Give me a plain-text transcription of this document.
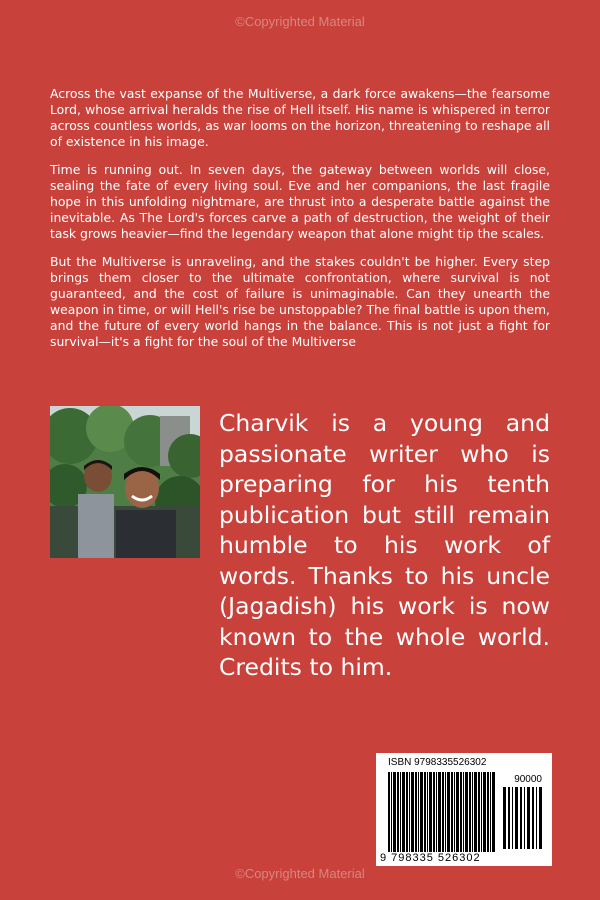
©Copyrighted Material

Across the vast expanse of the Multiverse, a dark force awakens—the fearsome Lord, whose arrival heralds the rise of Hell itself. His name is whispered in terror across countless worlds, as war looms on the horizon, threatening to reshape all of existence in his image.

Time is running out. In seven days, the gateway between worlds will close, sealing the fate of every living soul. Eve and her companions, the last fragile hope in this unfolding nightmare, are thrust into a desperate battle against the inevitable. As The Lord's forces carve a path of destruction, the weight of their task grows heavier—find the legendary weapon that alone might tip the scales.

But the Multiverse is unraveling, and the stakes couldn't be higher. Every step brings them closer to the ultimate confrontation, where survival is not guaranteed, and the cost of failure is unimaginable. Can they unearth the weapon in time, or will Hell's rise be unstoppable? The final battle is upon them, and the future of every world hangs in the balance. This is not just a fight for survival—it's a fight for the soul of the Multiverse

Charvik is a young and passionate writer who is preparing for his tenth publication but still remain humble to his work of words. Thanks to his uncle (Jagadish) his work is now known to the whole world. Credits to him.
ISBN 9798335526302
90000
9 798335 526302
©Copyrighted Material
